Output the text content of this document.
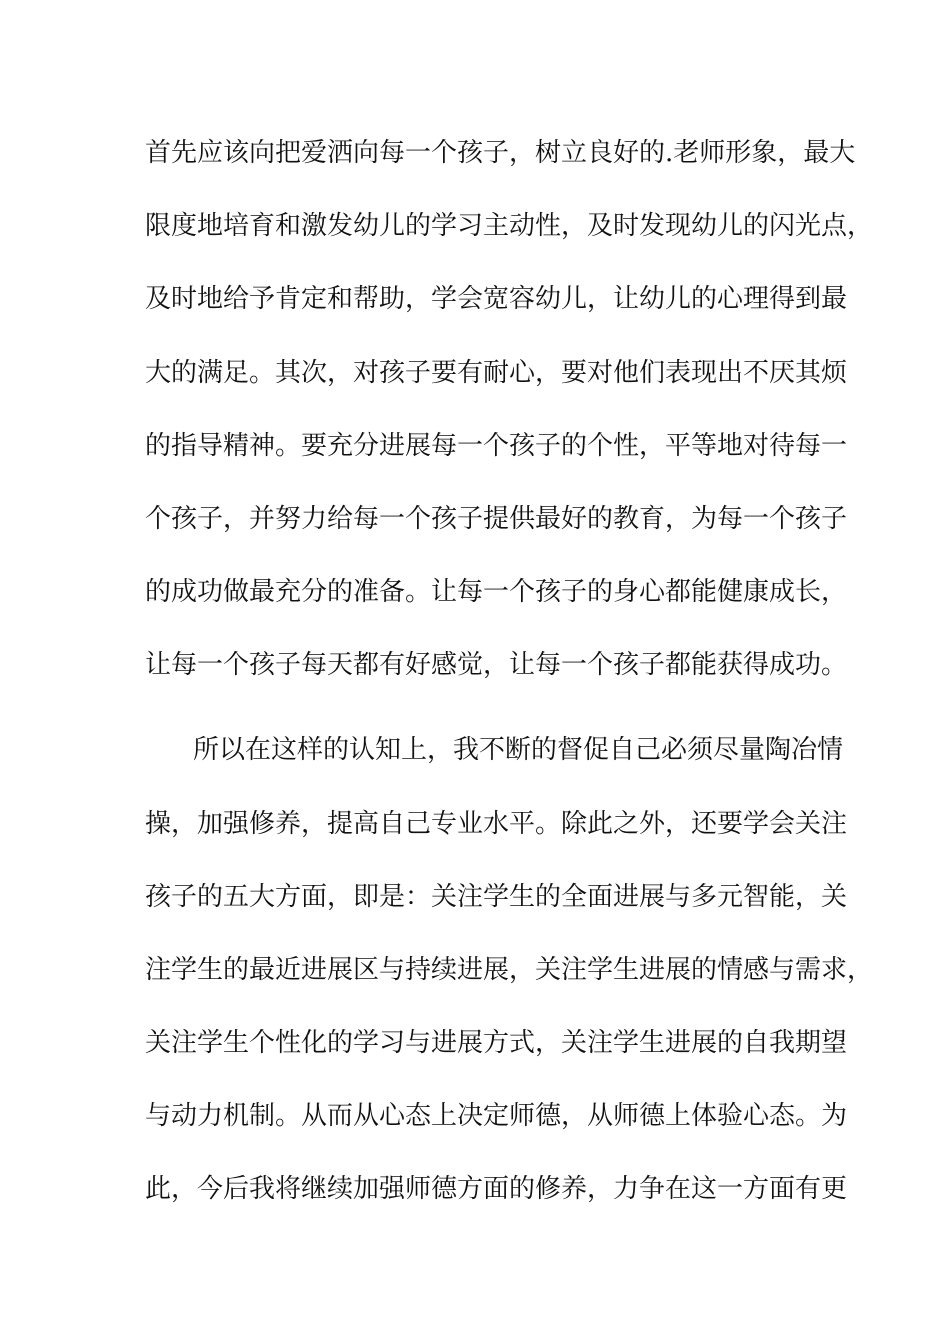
首先应该向把爱洒向每一个孩子，树立良好的.老师形象，最大
限度地培育和激发幼儿的学习主动性，及时发现幼儿的闪光点，
及时地给予肯定和帮助，学会宽容幼儿，让幼儿的心理得到最
大的满足。其次，对孩子要有耐心，要对他们表现出不厌其烦
的指导精神。要充分进展每一个孩子的个性，平等地对待每一
个孩子，并努力给每一个孩子提供最好的教育，为每一个孩子
的成功做最充分的准备。让每一个孩子的身心都能健康成长，
让每一个孩子每天都有好感觉，让每一个孩子都能获得成功。
所以在这样的认知上，我不断的督促自己必须尽量陶冶情
操，加强修养，提高自己专业水平。除此之外，还要学会关注
孩子的五大方面，即是：关注学生的全面进展与多元智能，关
注学生的最近进展区与持续进展，关注学生进展的情感与需求，
关注学生个性化的学习与进展方式，关注学生进展的自我期望
与动力机制。从而从心态上决定师德，从师德上体验心态。为
此，今后我将继续加强师德方面的修养，力争在这一方面有更
